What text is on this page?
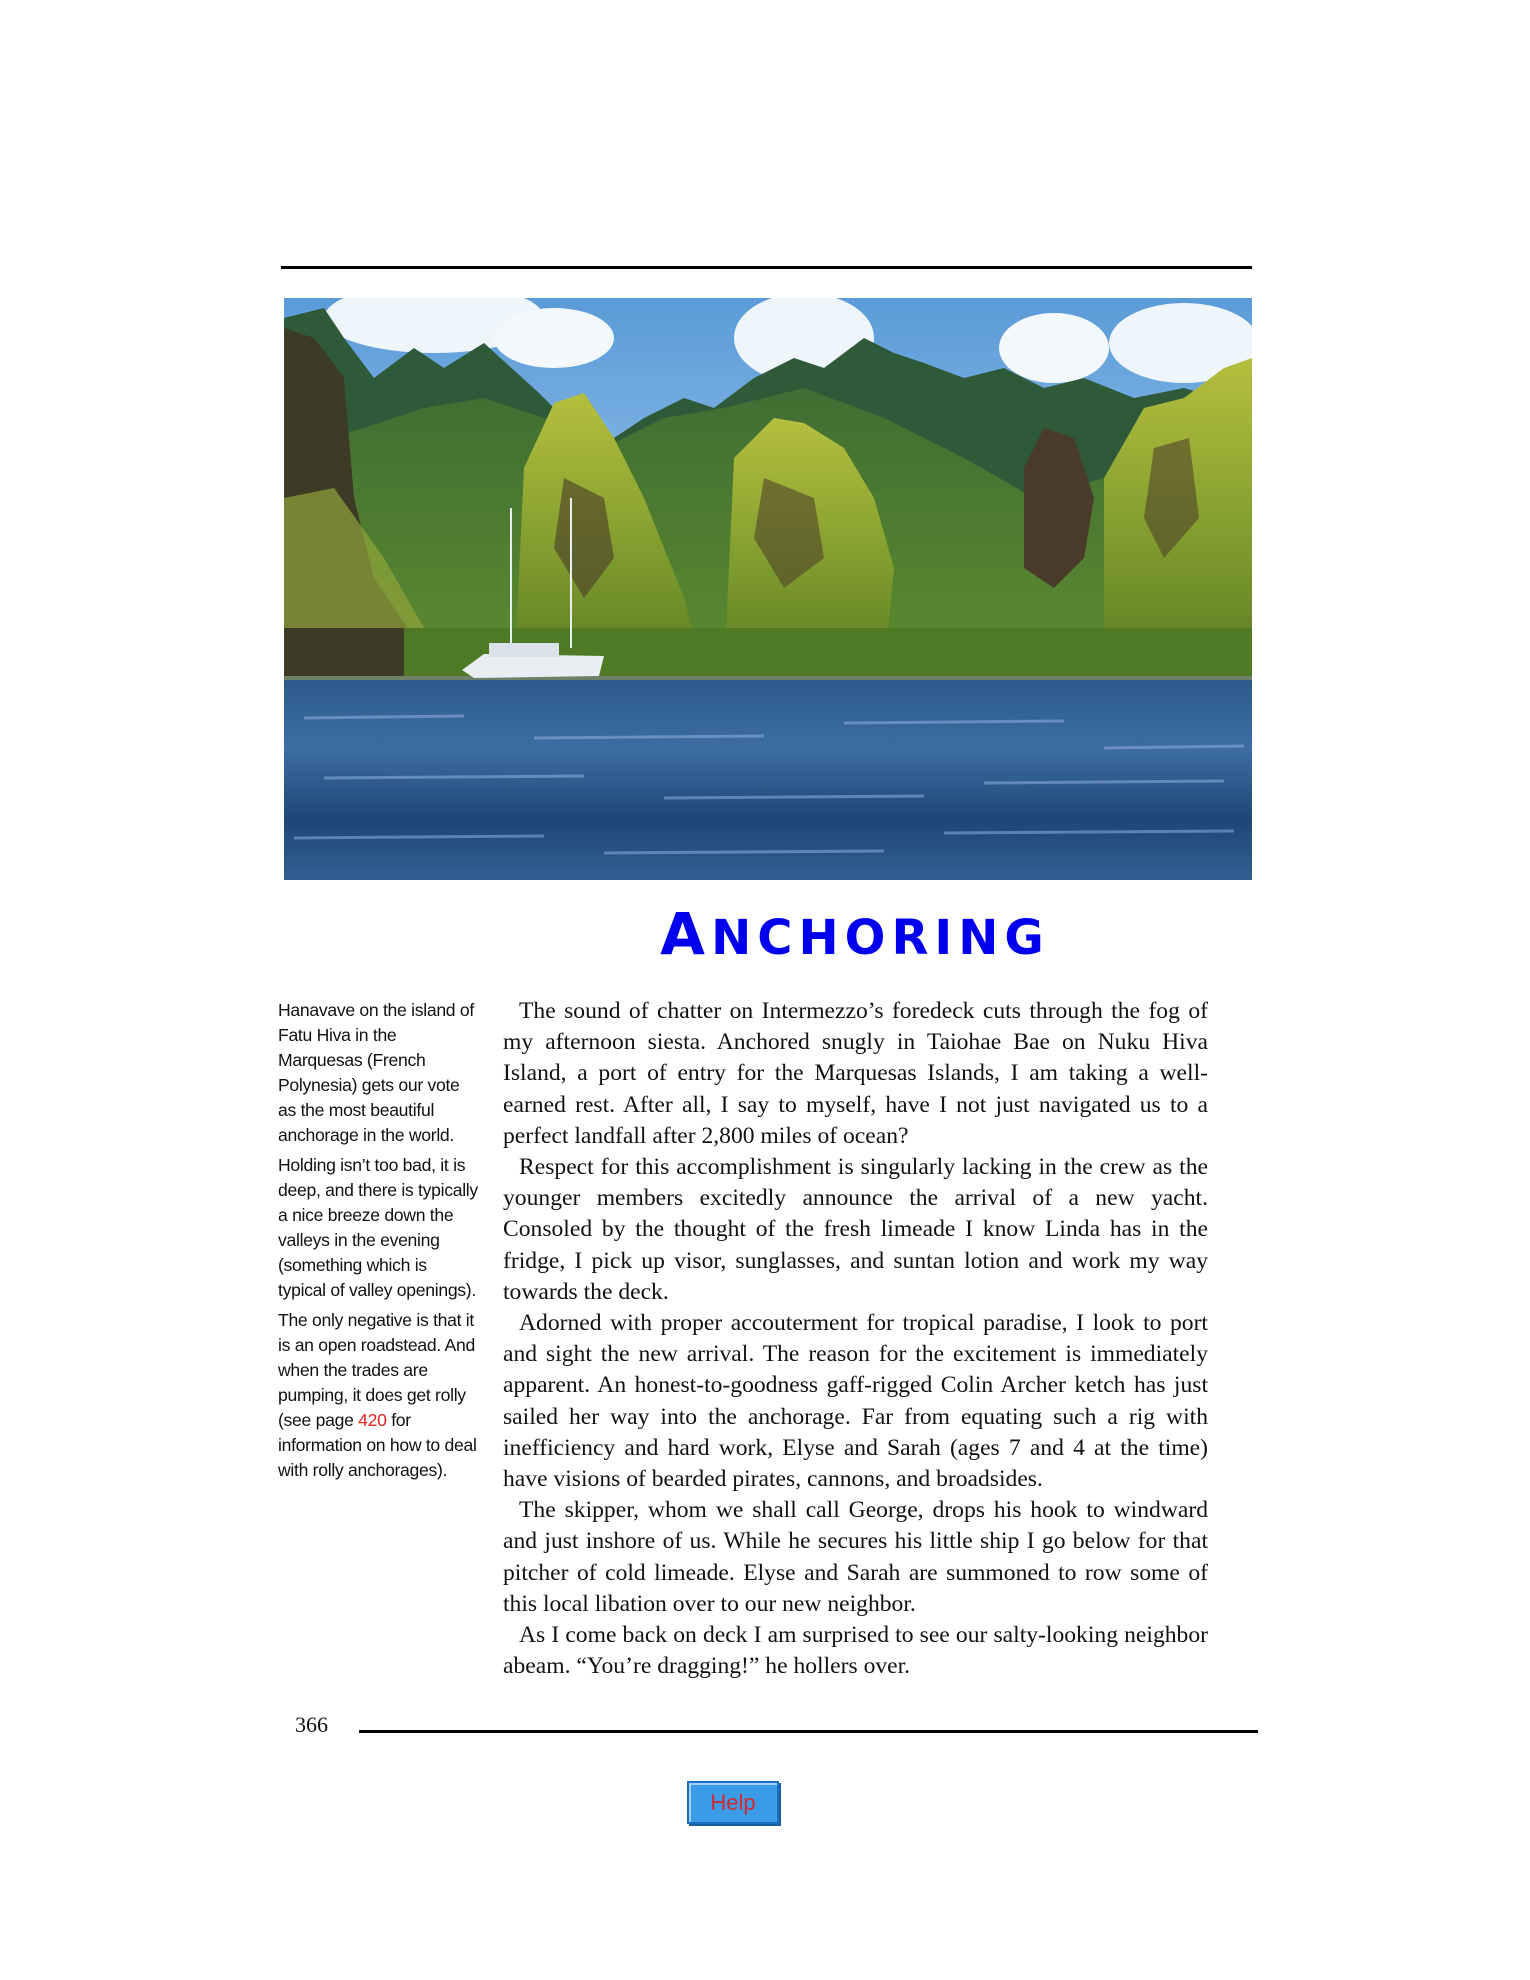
ANCHORING

Hanavave on the island of Fatu Hiva in the Marquesas (French Polynesia) gets our vote as the most beautiful anchorage in the world.

Holding isn’t too bad, it is deep, and there is typically a nice breeze down the valleys in the evening (something which is typical of valley openings).

The only negative is that it is an open roadstead. And when the trades are pumping, it does get rolly (see page 420 for information on how to deal with rolly anchorages).

The sound of chatter on Intermezzo’s foredeck cuts through the fog of my afternoon siesta. Anchored snugly in Taiohae Bae on Nuku Hiva Island, a port of entry for the Marquesas Islands, I am taking a well-earned rest. After all, I say to myself, have I not just navigated us to a perfect landfall after 2,800 miles of ocean?

Respect for this accomplishment is singularly lacking in the crew as the younger members excitedly announce the arrival of a new yacht. Consoled by the thought of the fresh limeade I know Linda has in the fridge, I pick up visor, sunglasses, and suntan lotion and work my way towards the deck.

Adorned with proper accouterment for tropical paradise, I look to port and sight the new arrival. The reason for the excitement is immediately apparent. An honest-to-goodness gaff-rigged Colin Archer ketch has just sailed her way into the anchorage. Far from equating such a rig with inefficiency and hard work, Elyse and Sarah (ages 7 and 4 at the time) have visions of bearded pirates, cannons, and broadsides.

The skipper, whom we shall call George, drops his hook to windward and just inshore of us. While he secures his little ship I go below for that pitcher of cold limeade. Elyse and Sarah are summoned to row some of this local libation over to our new neighbor.

As I come back on deck I am surprised to see our salty-looking neighbor abeam. “You’re dragging!” he hollers over.

366
Help
